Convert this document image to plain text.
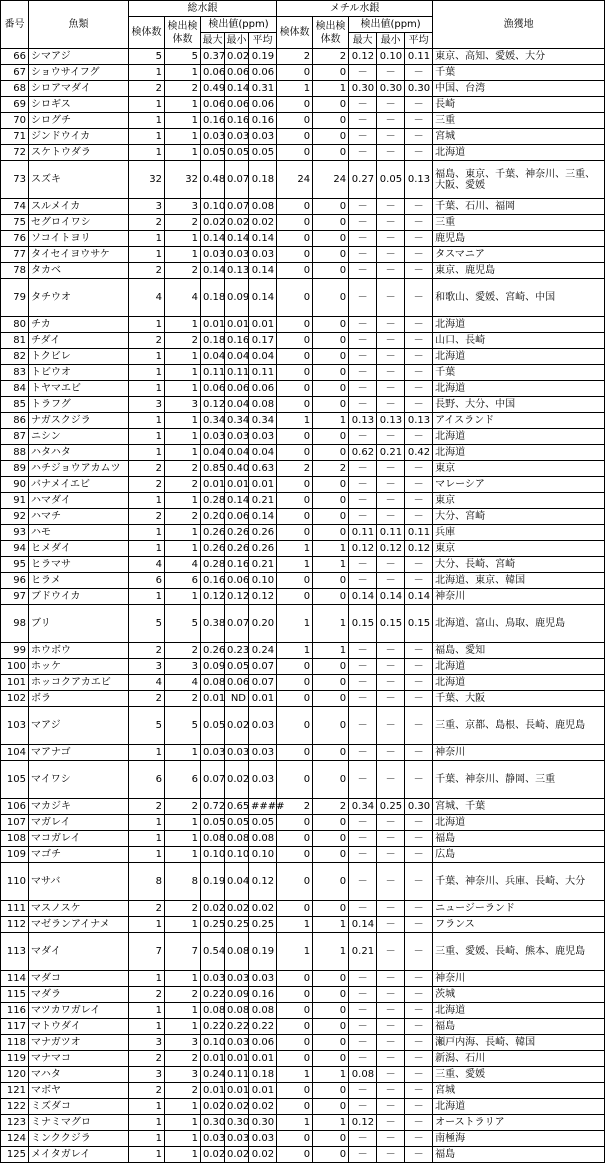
番号	魚類	総水銀					メチル水銀					漁獲地
		検体数	検出検体数	検出値(ppm)			検体数	検出検体数	検出値(ppm)			
				最大	最小	平均			最大	最小	平均	
66	シマアジ	5	5	0.37	0.02	0.19	2	2	0.12	0.10	0.11	東京、高知、愛媛、大分
67	ショウサイフグ	1	1	0.06	0.06	0.06	0	0	－	－	－	千葉
68	シロアマダイ	2	2	0.49	0.14	0.31	1	1	0.30	0.30	0.30	中国、台湾
69	シロギス	1	1	0.06	0.06	0.06	0	0	－	－	－	長崎
70	シログチ	1	1	0.16	0.16	0.16	0	0	－	－	－	三重
71	ジンドウイカ	1	1	0.03	0.03	0.03	0	0	－	－	－	宮城
72	スケトウダラ	1	1	0.05	0.05	0.05	0	0	－	－	－	北海道
73	スズキ	32	32	0.48	0.07	0.18	24	24	0.27	0.05	0.13	福島、東京、千葉、神奈川、三重、大阪、愛媛
74	スルメイカ	3	3	0.10	0.07	0.08	0	0	－	－	－	千葉、石川、福岡
75	セグロイワシ	2	2	0.02	0.02	0.02	0	0	－	－	－	三重
76	ソコイトヨリ	1	1	0.14	0.14	0.14	0	0	－	－	－	鹿児島
77	タイセイヨウサケ	1	1	0.03	0.03	0.03	0	0	－	－	－	タスマニア
78	タカベ	2	2	0.14	0.13	0.14	0	0	－	－	－	東京、鹿児島
79	タチウオ	4	4	0.18	0.09	0.14	0	0	－	－	－	和歌山、愛媛、宮崎、中国
80	チカ	1	1	0.01	0.01	0.01	0	0	－	－	－	北海道
81	チダイ	2	2	0.18	0.16	0.17	0	0	－	－	－	山口、長崎
82	トクビレ	1	1	0.04	0.04	0.04	0	0	－	－	－	北海道
83	トビウオ	1	1	0.11	0.11	0.11	0	0	－	－	－	千葉
84	トヤマエビ	1	1	0.06	0.06	0.06	0	0	－	－	－	北海道
85	トラフグ	3	3	0.12	0.04	0.08	0	0	－	－	－	長野、大分、中国
86	ナガスクジラ	1	1	0.34	0.34	0.34	1	1	0.13	0.13	0.13	アイスランド
87	ニシン	1	1	0.03	0.03	0.03	0	0	－	－	－	北海道
88	ハタハタ	1	1	0.04	0.04	0.04	0	0	0.62	0.21	0.42	北海道
89	ハチジョウアカムツ	2	2	0.85	0.40	0.63	2	2	－	－	－	東京
90	バナメイエビ	2	2	0.01	0.01	0.01	0	0	－	－	－	マレーシア
91	ハマダイ	1	1	0.28	0.14	0.21	0	0	－	－	－	東京
92	ハマチ	2	2	0.20	0.06	0.14	0	0	－	－	－	大分、宮崎
93	ハモ	1	1	0.26	0.26	0.26	0	0	0.11	0.11	0.11	兵庫
94	ヒメダイ	1	1	0.26	0.26	0.26	1	1	0.12	0.12	0.12	東京
95	ヒラマサ	4	4	0.28	0.16	0.21	1	1	－	－	－	大分、長崎、宮崎
96	ヒラメ	6	6	0.16	0.06	0.10	0	0	－	－	－	北海道、東京、韓国
97	ブドウイカ	1	1	0.12	0.12	0.12	0	0	0.14	0.14	0.14	神奈川
98	ブリ	5	5	0.38	0.07	0.20	1	1	0.15	0.15	0.15	北海道、富山、鳥取、鹿児島
99	ホウボウ	2	2	0.26	0.23	0.24	1	1	－	－	－	福島、愛知
100	ホッケ	3	3	0.09	0.05	0.07	0	0	－	－	－	北海道
101	ホッコクアカエビ	4	4	0.08	0.06	0.07	0	0	－	－	－	北海道
102	ボラ	2	2	0.01	ND	0.01	0	0	－	－	－	千葉、大阪
103	マアジ	5	5	0.05	0.02	0.03	0	0	－	－	－	三重、京都、島根、長崎、鹿児島
104	マアナゴ	1	1	0.03	0.03	0.03	0	0	－	－	－	神奈川
105	マイワシ	6	6	0.07	0.02	0.03	0	0	－	－	－	千葉、神奈川、静岡、三重
106	マカジキ	2	2	0.72	0.65	####	2	2	0.34	0.25	0.30	宮城、千葉
107	マガレイ	1	1	0.05	0.05	0.05	0	0	－	－	－	北海道
108	マコガレイ	1	1	0.08	0.08	0.08	0	0	－	－	－	福島
109	マゴチ	1	1	0.10	0.10	0.10	0	0	－	－	－	広島
110	マサバ	8	8	0.19	0.04	0.12	0	0	－	－	－	千葉、神奈川、兵庫、長崎、大分
111	マスノスケ	2	2	0.02	0.02	0.02	0	0	－	－	－	ニュージーランド
112	マゼランアイナメ	1	1	0.25	0.25	0.25	1	1	0.14	－	－	フランス
113	マダイ	7	7	0.54	0.08	0.19	1	1	0.21	－	－	三重、愛媛、長崎、熊本、鹿児島
114	マダコ	1	1	0.03	0.03	0.03	0	0	－	－	－	神奈川
115	マダラ	2	2	0.22	0.09	0.16	0	0	－	－	－	茨城
116	マツカワガレイ	1	1	0.08	0.08	0.08	0	0	－	－	－	北海道
117	マトウダイ	1	1	0.22	0.22	0.22	0	0	－	－	－	福島
118	マナガツオ	3	3	0.10	0.03	0.06	0	0	－	－	－	瀬戸内海、長崎、韓国
119	マナマコ	2	2	0.01	0.01	0.01	0	0	－	－	－	新潟、石川
120	マハタ	3	3	0.24	0.11	0.18	1	1	0.08	－	－	三重、愛媛
121	マボヤ	2	2	0.01	0.01	0.01	0	0	－	－	－	宮城
122	ミズダコ	1	1	0.02	0.02	0.02	0	0	－	－	－	北海道
123	ミナミマグロ	1	1	0.30	0.30	0.30	1	1	0.12	－	－	オーストラリア
124	ミンククジラ	1	1	0.03	0.03	0.03	0	0	－	－	－	南極海
125	メイタガレイ	1	1	0.02	0.02	0.02	0	0	－	－	－	福島
